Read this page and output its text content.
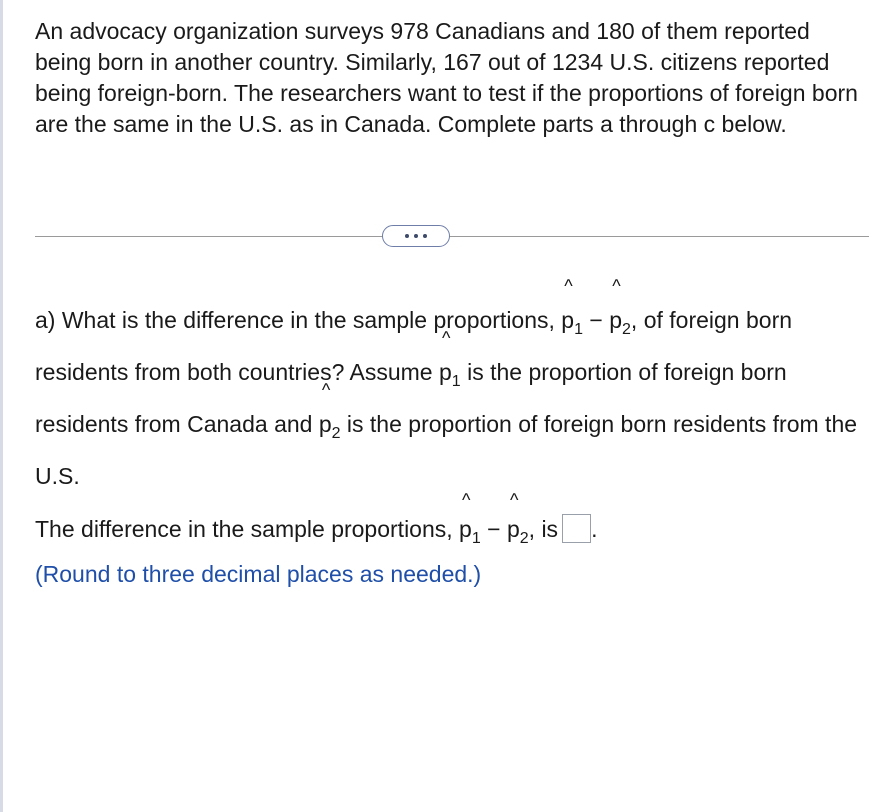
An advocacy organization surveys 978 Canadians and 180 of them reported being born in another country. Similarly, 167 out of 1234 U.S. citizens reported being foreign-born. The researchers want to test if the proportions of foreign born are the same in the U.S. as in Canada. Complete parts a through c below.

a) What is the difference in the sample proportions,
^
$p_1$ −
^
$p_2$, of foreign born residents from both countries? Assume
^
$p_1$ is the proportion of foreign born residents from Canada and
^
$p_2$ is the proportion of foreign born residents from the U.S.

The difference in the sample proportions,
^
$p_1$ −
^
$p_2$, is .
(Round to three decimal places as needed.)
